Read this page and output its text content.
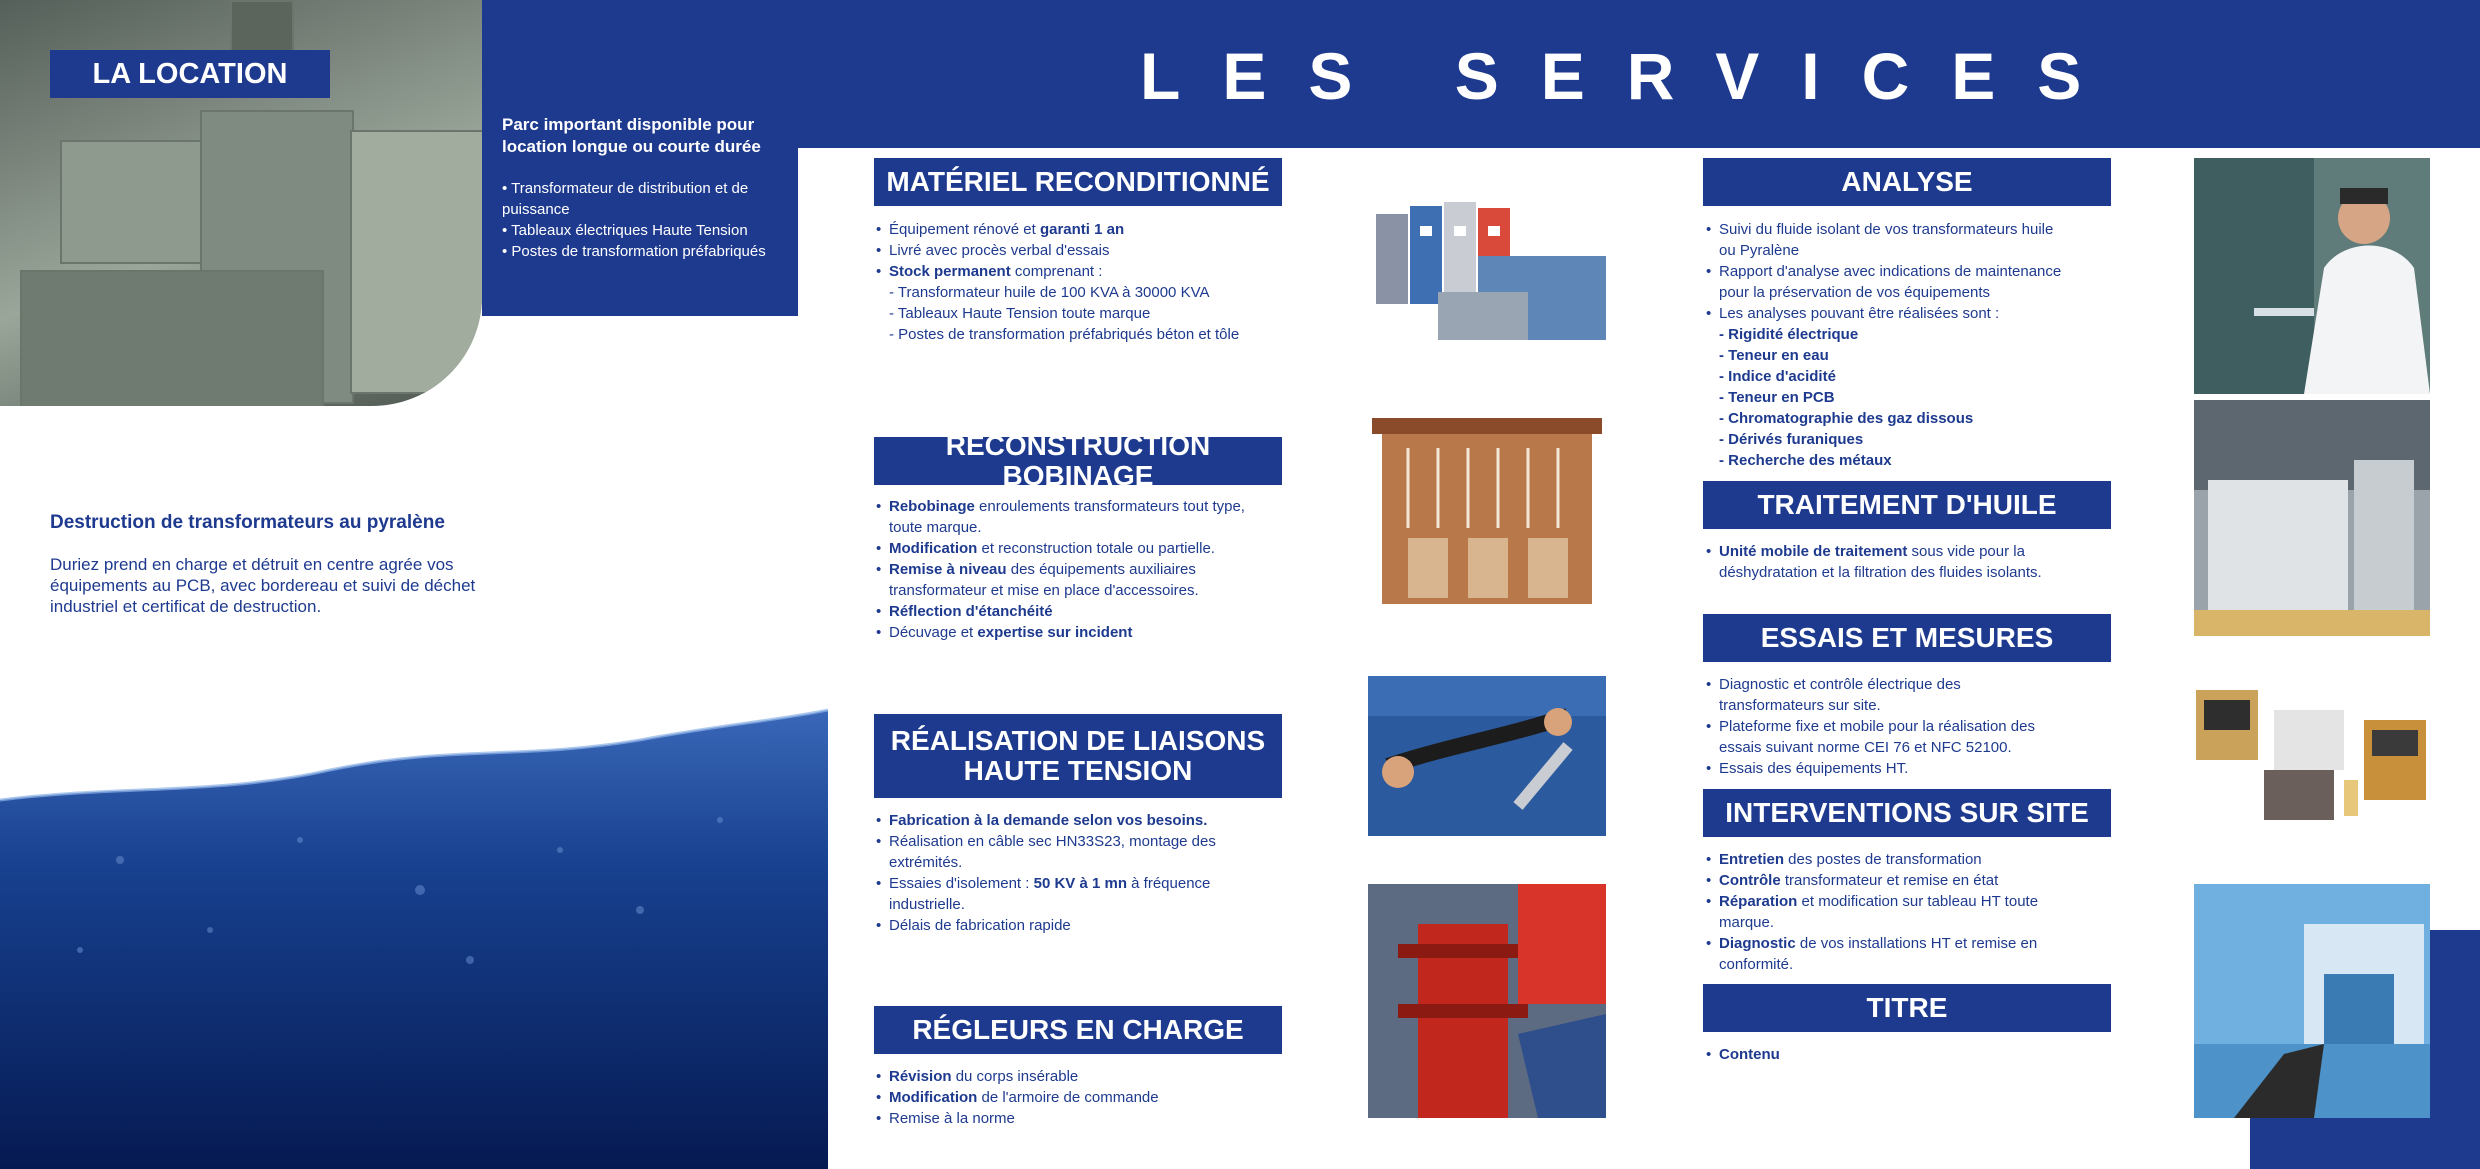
LES SERVICES
LA LOCATION
Parc important disponible pour location longue ou courte durée
• Transformateur de distribution et de puissance
• Tableaux électriques Haute Tension
• Postes de transformation préfabriqués
Destruction de transformateurs au pyralène
Duriez prend en charge et détruit en centre agrée vos équipements au PCB, avec bordereau et suivi de déchet industriel et certificat de destruction.
MATÉRIEL RECONDITIONNÉ
• Équipement rénové et garanti 1 an
• Livré avec procès verbal d'essais
• Stock permanent comprenant :
- Transformateur huile de 100 KVA à 30000 KVA
- Tableaux Haute Tension toute marque
- Postes de transformation préfabriqués béton et tôle
RECONSTRUCTION BOBINAGE
• Rebobinage enroulements transformateurs tout type, toute marque.
• Modification et reconstruction totale ou partielle.
• Remise à niveau des équipements auxiliaires transformateur et mise en place d'accessoires.
• Réflection d'étanchéité
• Décuvage et expertise sur incident
RÉALISATION DE LIAISONS HAUTE TENSION
• Fabrication à la demande selon vos besoins.
• Réalisation en câble sec HN33S23, montage des extrémités.
• Essaies d'isolement : 50 KV à 1 mn à fréquence industrielle.
• Délais de fabrication rapide
RÉGLEURS EN CHARGE
• Révision du corps insérable
• Modification de l'armoire de commande
• Remise à la norme
ANALYSE
• Suivi du fluide isolant de vos transformateurs huile ou Pyralène
• Rapport d'analyse avec indications de maintenance pour la préservation de vos équipements
• Les analyses pouvant être réalisées sont :
- Rigidité électrique
- Teneur en eau
- Indice d'acidité
- Teneur en PCB
- Chromatographie des gaz dissous
- Dérivés furaniques
- Recherche des métaux
TRAITEMENT D'HUILE
• Unité mobile de traitement sous vide pour la déshydratation et la filtration des fluides isolants.
ESSAIS ET MESURES
• Diagnostic et contrôle électrique des transformateurs sur site.
• Plateforme fixe et mobile pour la réalisation des essais suivant norme CEI 76 et NFC 52100.
• Essais des équipements HT.
INTERVENTIONS SUR SITE
• Entretien des postes de transformation
• Contrôle transformateur et remise en état
• Réparation et modification sur tableau HT toute marque.
• Diagnostic de vos installations HT et remise en conformité.
TITRE
• Contenu
